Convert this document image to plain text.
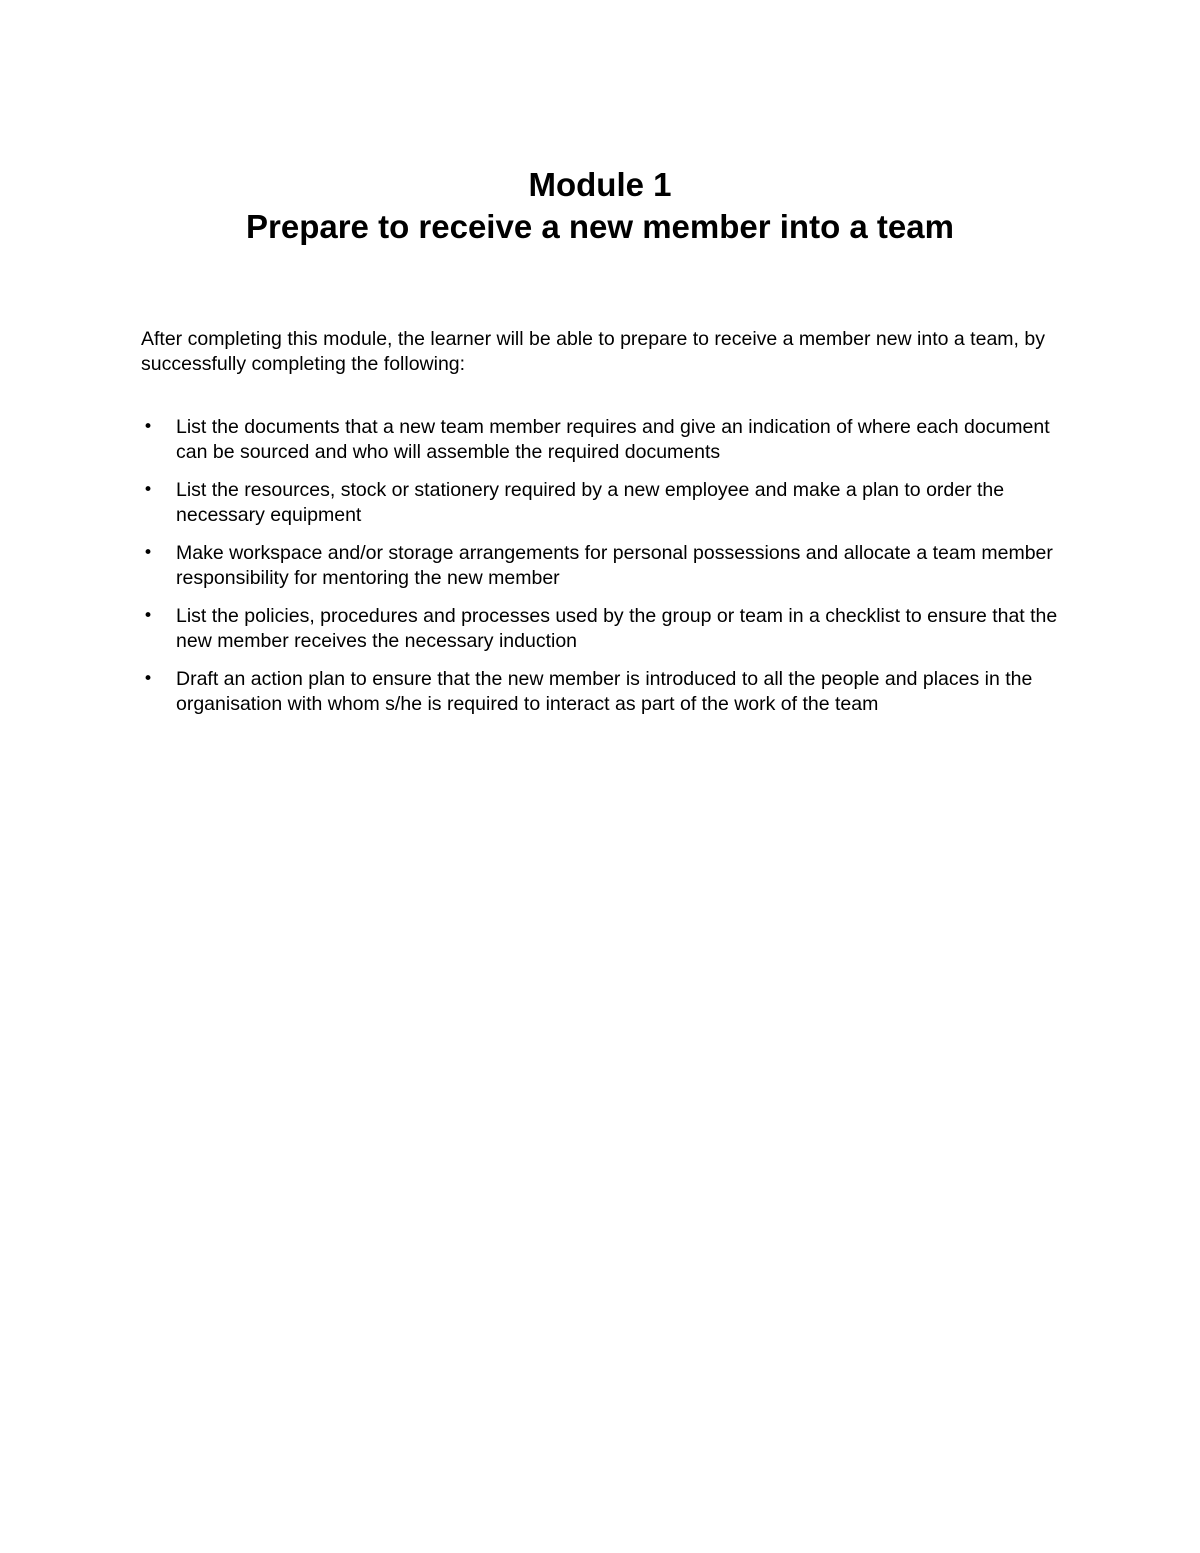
Module 1
Prepare to receive a new member into a team

After completing this module, the learner will be able to prepare to receive a member new into a team, by successfully completing the following:

• List the documents that a new team member requires and give an indication of where each document can be sourced and who will assemble the required documents
• List the resources, stock or stationery required by a new employee and make a plan to order the necessary equipment
• Make workspace and/or storage arrangements for personal possessions and allocate a team member responsibility for mentoring the new member
• List the policies, procedures and processes used by the group or team in a checklist to ensure that the new member receives the necessary induction
• Draft an action plan to ensure that the new member is introduced to all the people and places in the organisation with whom s/he is required to interact as part of the work of the team
